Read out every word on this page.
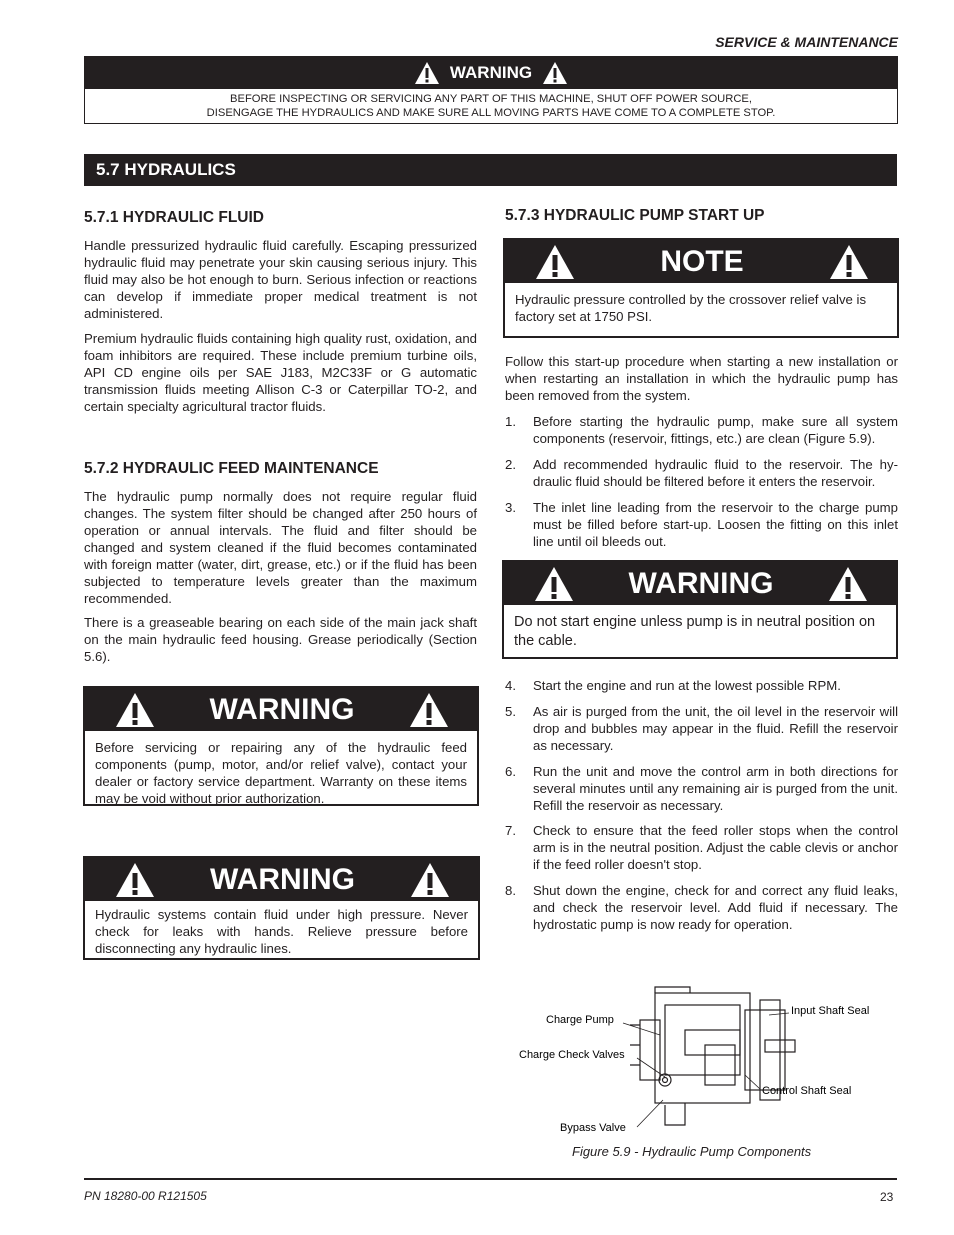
SERVICE & MAINTENANCE
WARNING
BEFORE INSPECTING OR SERVICING ANY PART OF THIS MACHINE, SHUT OFF POWER SOURCE,
DISENGAGE THE HYDRAULICS AND MAKE SURE ALL MOVING PARTS HAVE COME TO A COMPLETE STOP.
5.7 HYDRAULICS
5.7.1 HYDRAULIC FLUID

Handle pressurized hydraulic fluid carefully. Escaping pressurized hydraulic fluid may penetrate your skin causing serious injury. This fluid may also be hot enough to burn. Serious infection or reactions can develop if immediate proper medical treatment is not administered.

Premium hydraulic fluids containing high quality rust, oxidation, and foam inhibitors are required. These include premium turbine oils, API CD engine oils per SAE J183, M2C33F or G automatic transmission fluids meeting Allison C-3 or Caterpillar TO-2, and certain specialty agricultural tractor fluids.

5.7.2 HYDRAULIC FEED MAINTENANCE

The hydraulic pump normally does not require regular fluid changes. The system filter should be changed after 250 hours of operation or annual intervals. The fluid and filter should be changed and system cleaned if the fluid becomes contaminated with foreign matter (water, dirt, grease, etc.) or if the fluid has been subjected to temperature levels greater than the maximum recommended.

There is a greaseable bearing on each side of the main jack shaft on the main hydraulic feed housing. Grease periodically (Section 5.6).

WARNING
Before servicing or repairing any of the hydraulic feed components (pump, motor, and/or relief valve), contact your dealer or factory service department. Warranty on these items may be void without prior authorization.
WARNING
Hydraulic systems contain fluid under high pressure. Never check for leaks with hands. Relieve pressure before disconnecting any hydraulic lines.
5.7.3 HYDRAULIC PUMP START UP
NOTE
Hydraulic pressure controlled by the crossover relief valve is factory set at 1750 PSI.

Follow this start-up procedure when starting a new installation or when restarting an installation in which the hydraulic pump has been removed from the system.

1. Before starting the hydraulic pump, make sure all system components (reservoir, fittings, etc.) are clean (Figure 5.9).
2. Add recommended hydraulic fluid to the reservoir. The hy-draulic fluid should be filtered before it enters the reservoir.
3. The inlet line leading from the reservoir to the charge pump must be filled before start-up. Loosen the fitting on this inlet line until oil bleeds out.
WARNING
Do not start engine unless pump is in neutral position on the cable.
4. Start the engine and run at the lowest possible RPM.
5. As air is purged from the unit, the oil level in the reservoir will drop and bubbles may appear in the fluid. Refill the reservoir as necessary.
6. Run the unit and move the control arm in both directions for several minutes until any remaining air is purged from the unit. Refill the reservoir as necessary.
7. Check to ensure that the feed roller stops when the control arm is in the neutral position. Adjust the cable clevis or anchor if the feed roller doesn't stop.
8. Shut down the engine, check for and correct any fluid leaks, and check the reservoir level. Add fluid if necessary. The hydrostatic pump is now ready for operation.
Charge Pump
Charge Check Valves
Bypass Valve
Input Shaft Seal
Control Shaft Seal
Figure 5.9 - Hydraulic Pump Components
PN 18280-00 R121505	23
